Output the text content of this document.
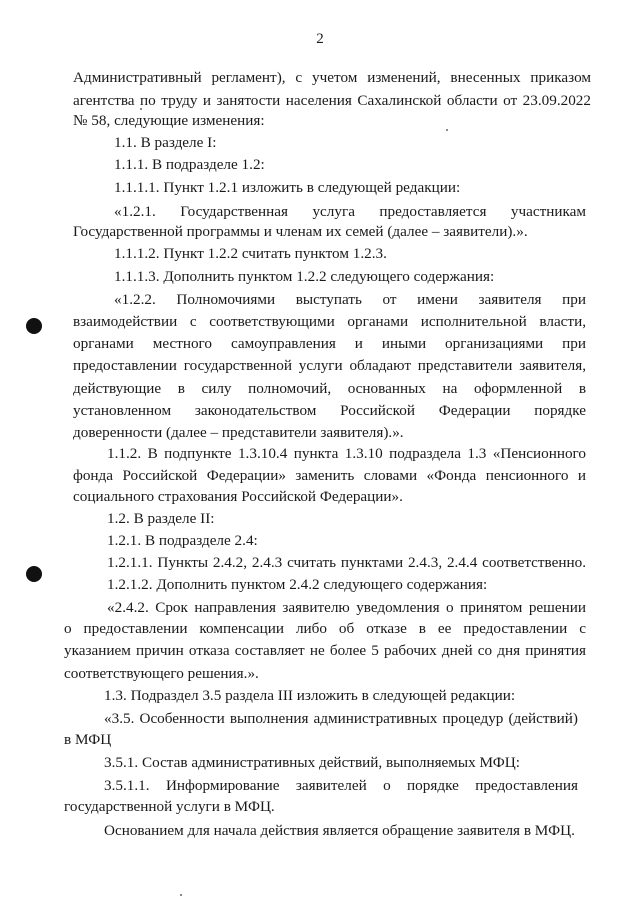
2
Административный регламент), с учетом изменений, внесенных приказом
агентства по труду и занятости населения Сахалинской области от 23.09.2022
№ 58, следующие изменения:
1.1. В разделе I:
1.1.1. В подразделе 1.2:
1.1.1.1. Пункт 1.2.1 изложить в следующей редакции:
«1.2.1. Государственная услуга предоставляется участникам
Государственной программы и членам их семей (далее – заявители).».
1.1.1.2. Пункт 1.2.2 считать пунктом 1.2.3.
1.1.1.3. Дополнить пунктом 1.2.2 следующего содержания:
«1.2.2. Полномочиями выступать от имени заявителя при
взаимодействии с соответствующими органами исполнительной власти,
органами местного самоуправления и иными организациями при
предоставлении государственной услуги обладают представители заявителя,
действующие в силу полномочий, основанных на оформленной в
установленном законодательством Российской Федерации порядке
доверенности (далее – представители заявителя).».
1.1.2. В подпункте 1.3.10.4 пункта 1.3.10 подраздела 1.3 «Пенсионного
фонда Российской Федерации» заменить словами «Фонда пенсионного и
социального страхования Российской Федерации».
1.2. В разделе II:
1.2.1. В подразделе 2.4:
1.2.1.1. Пункты 2.4.2, 2.4.3 считать пунктами 2.4.3, 2.4.4 соответственно.
1.2.1.2. Дополнить пунктом 2.4.2 следующего содержания:
«2.4.2. Срок направления заявителю уведомления о принятом решении
о предоставлении компенсации либо об отказе в ее предоставлении с
указанием причин отказа составляет не более 5 рабочих дней со дня принятия
соответствующего решения.».
1.3. Подраздел 3.5 раздела III изложить в следующей редакции:
«3.5. Особенности выполнения административных процедур (действий)
в МФЦ
3.5.1. Состав административных действий, выполняемых МФЦ:
3.5.1.1. Информирование заявителей о порядке предоставления
государственной услуги в МФЦ.
Основанием для начала действия является обращение заявителя в МФЦ.
